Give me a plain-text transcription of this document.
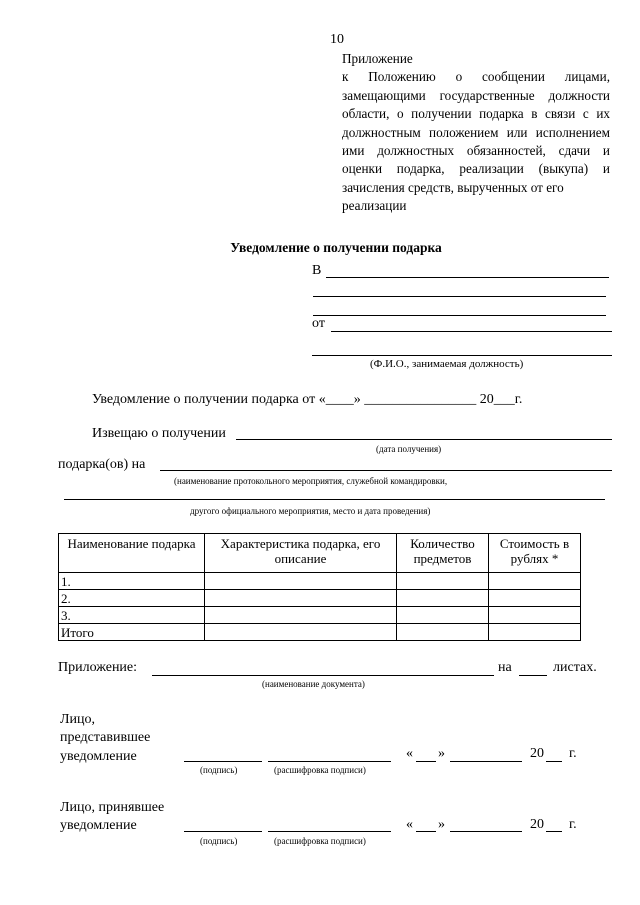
10
Приложение
к Положению о сообщении лицами, замещающими государственные должности области, о получении подарка в связи с их должностным положением или исполнением ими должностных обязанностей, сдачи и оценки подарка, реализации (выкупа) и зачисления средств, вырученных от его
реализации
Уведомление о получении подарка
В
от
(Ф.И.О., занимаемая должность)
Уведомление о получении подарка от «____» ________________ 20___г.
Извещаю о получении
(дата получения)
подарка(ов) на
(наименование протокольного мероприятия, служебной командировки,
другого официального мероприятия, место и дата проведения)
Наименование подарка	Характеристика подарка, его описание	Количество предметов	Стоимость в рублях *
1.			
2.			
3.			
Итого			
Приложение:	на	листах.
(наименование документа)
Лицо, представившее уведомление
(подпись)	(расшифровка подписи)
« »	20 г.
Лицо, принявшее уведомление
(подпись)	(расшифровка подписи)
« »	20 г.
